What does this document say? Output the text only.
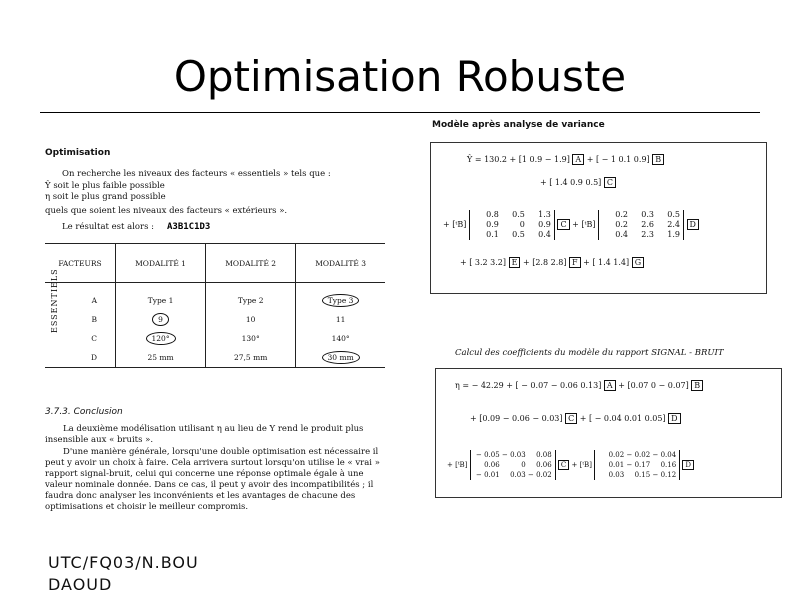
Optimisation Robuste
Optimisation

On recherche les niveaux des facteurs « essentiels » tels que :

Ŷ soit le plus faible possible

η soit le plus grand possible

quels que soient les niveaux des facteurs « extérieurs ».

Le résultat est alors : A3B1C1D3
FACTEURS	MODALITÉ 1	MODALITÉ 2	MODALITÉ 3

A	Type 1	Type 2	Type 3
B	9	10	11
C	120°	130°	140°
D	25 mm	27,5 mm	30 mm
ESSENTIELS
3.7.3. Conclusion

La deuxième modélisation utilisant η au lieu de Y rend le produit plus insensible aux « bruits ».

D'une manière générale, lorsqu'une double optimisation est nécessaire il peut y avoir un choix à faire. Cela arrivera surtout lorsqu'on utilise le « vrai » rapport signal-bruit, celui qui concerne une réponse optimale égale à une valeur nominale donnée. Dans ce cas, il peut y avoir des incompatibilités ; il faudra donc analyser les inconvénients et les avantages de chacune des optimisations et choisir le meilleur compromis.

Modèle après analyse de variance
Ŷ = 130.2 + [1 0.9 − 1.9] A + [ − 1 0.1 0.9] B
+ [ 1.4 0.9 0.5] C
+ [ᵗB]
0.8 0.5 1.3
0.9	0 0.9
0.1 0.5 0.4
C + [ᵗB]
0.2 0.3 0.5
0.2 2.6 2.4
0.4 2.3 1.9
D
+ [ 3.2 3.2] E + [2.8 2.8] F + [ 1.4 1.4] G
Calcul des coefficients du modèle du rapport SIGNAL - BRUIT
η = − 42.29 + [ − 0.07 − 0.06 0.13] A + [0.07 0 − 0.07] B
+ [0.09 − 0.06 − 0.03] C + [ − 0.04 0.01 0.05] D
+ [ᵗB]
− 0.05 − 0.03 0.08
0.06	0 0.06
− 0.01 0.03 − 0.02
C + [ᵗB]
0.02 − 0.02 − 0.04
0.01 − 0.17 0.16
0.03 0.15 − 0.12
D
UTC/FQ03/N.BOU DAOUD
